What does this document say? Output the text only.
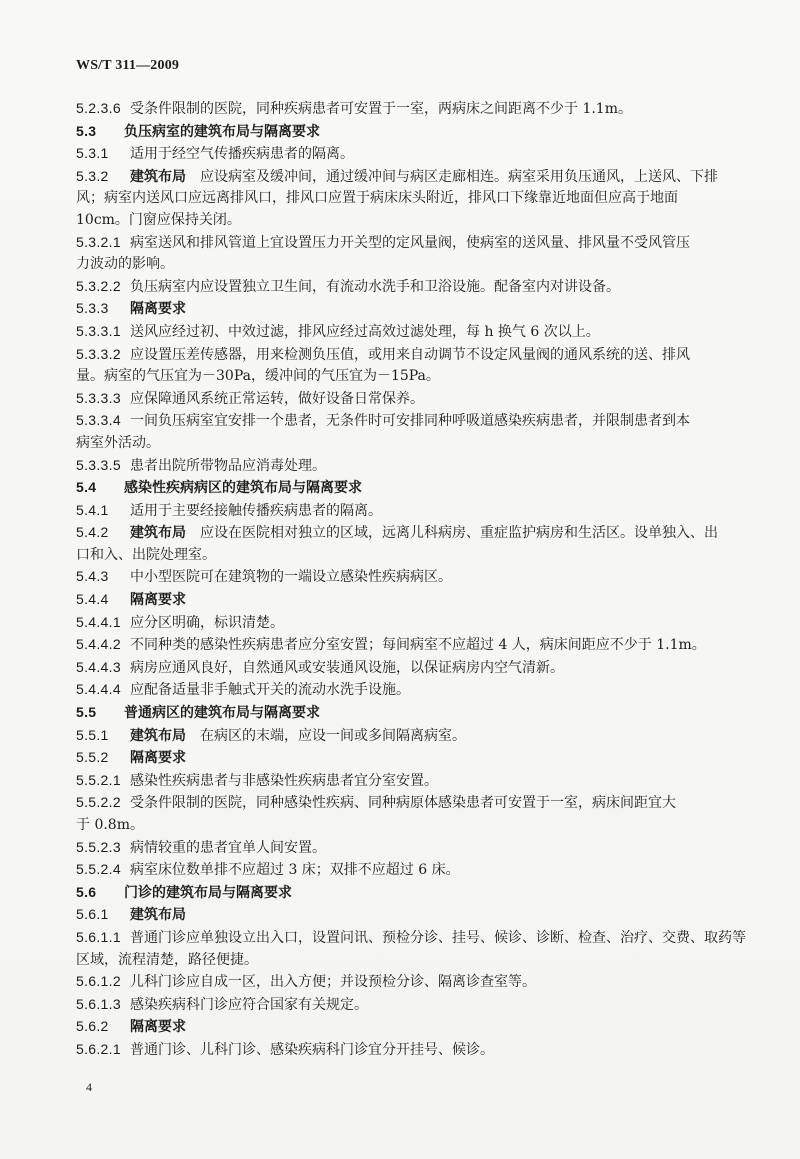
WS/T 311—2009
5.2.3.6 受条件限制的医院，同种疾病患者可安置于一室，两病床之间距离不少于 1.1m。
5.3 负压病室的建筑布局与隔离要求
5.3.1 适用于经空气传播疾病患者的隔离。
5.3.2 建筑布局　应设病室及缓冲间，通过缓冲间与病区走廊相连。病室采用负压通风，上送风、下排
风；病室内送风口应远离排风口，排风口应置于病床床头附近，排风口下缘靠近地面但应高于地面
10cm。门窗应保持关闭。
5.3.2.1 病室送风和排风管道上宜设置压力开关型的定风量阀，使病室的送风量、排风量不受风管压
力波动的影响。
5.3.2.2 负压病室内应设置独立卫生间，有流动水洗手和卫浴设施。配备室内对讲设备。
5.3.3 隔离要求
5.3.3.1 送风应经过初、中效过滤，排风应经过高效过滤处理，每 h 换气 6 次以上。
5.3.3.2 应设置压差传感器，用来检测负压值，或用来自动调节不设定风量阀的通风系统的送、排风
量。病室的气压宜为－30Pa，缓冲间的气压宜为－15Pa。
5.3.3.3 应保障通风系统正常运转，做好设备日常保养。
5.3.3.4 一间负压病室宜安排一个患者，无条件时可安排同种呼吸道感染疾病患者，并限制患者到本
病室外活动。
5.3.3.5 患者出院所带物品应消毒处理。
5.4 感染性疾病病区的建筑布局与隔离要求
5.4.1 适用于主要经接触传播疾病患者的隔离。
5.4.2 建筑布局　应设在医院相对独立的区域，远离儿科病房、重症监护病房和生活区。设单独入、出
口和入、出院处理室。
5.4.3 中小型医院可在建筑物的一端设立感染性疾病病区。
5.4.4 隔离要求
5.4.4.1 应分区明确，标识清楚。
5.4.4.2 不同种类的感染性疾病患者应分室安置；每间病室不应超过 4 人，病床间距应不少于 1.1m。
5.4.4.3 病房应通风良好，自然通风或安装通风设施，以保证病房内空气清新。
5.4.4.4 应配备适量非手触式开关的流动水洗手设施。
5.5 普通病区的建筑布局与隔离要求
5.5.1 建筑布局　在病区的末端，应设一间或多间隔离病室。
5.5.2 隔离要求
5.5.2.1 感染性疾病患者与非感染性疾病患者宜分室安置。
5.5.2.2 受条件限制的医院，同种感染性疾病、同种病原体感染患者可安置于一室，病床间距宜大
于 0.8m。
5.5.2.3 病情较重的患者宜单人间安置。
5.5.2.4 病室床位数单排不应超过 3 床；双排不应超过 6 床。
5.6 门诊的建筑布局与隔离要求
5.6.1 建筑布局
5.6.1.1 普通门诊应单独设立出入口，设置问讯、预检分诊、挂号、候诊、诊断、检查、治疗、交费、取药等
区域，流程清楚，路径便捷。
5.6.1.2 儿科门诊应自成一区，出入方便；并设预检分诊、隔离诊查室等。
5.6.1.3 感染疾病科门诊应符合国家有关规定。
5.6.2 隔离要求
5.6.2.1 普通门诊、儿科门诊、感染疾病科门诊宜分开挂号、候诊。
4
